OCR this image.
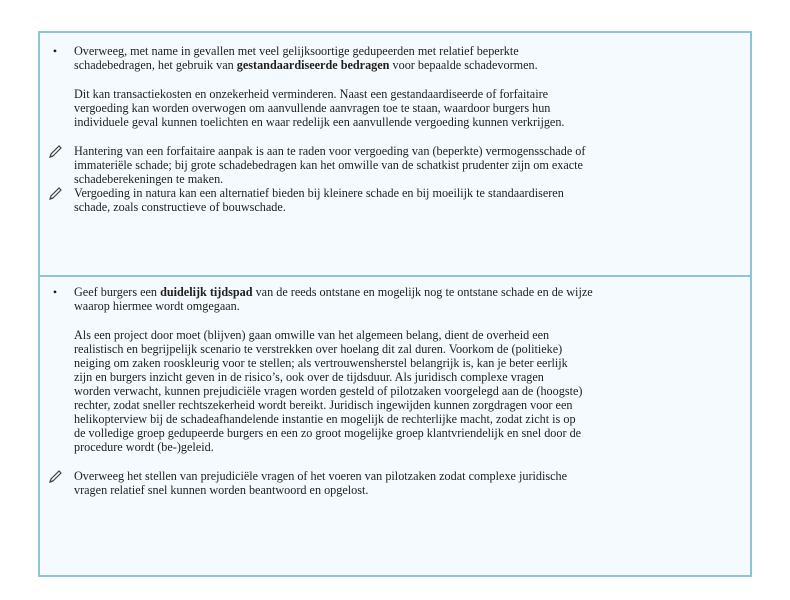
• Overweeg, met name in gevallen met veel gelijksoortige gedupeerden met relatief beperkte
schadebedragen, het gebruik van gestandaardiseerde bedragen voor bepaalde schadevormen.
Dit kan transactiekosten en onzekerheid verminderen. Naast een gestandaardiseerde of forfaitaire
vergoeding kan worden overwogen om aanvullende aanvragen toe te staan, waardoor burgers hun
individuele geval kunnen toelichten en waar redelijk een aanvullende vergoeding kunnen verkrijgen.
Hantering van een forfaitaire aanpak is aan te raden voor vergoeding van (beperkte) vermogensschade of
immateriële schade; bij grote schadebedragen kan het omwille van de schatkist prudenter zijn om exacte
schadeberekeningen te maken.
Vergoeding in natura kan een alternatief bieden bij kleinere schade en bij moeilijk te standaardiseren
schade, zoals constructieve of bouwschade.
• Geef burgers een duidelijk tijdspad van de reeds ontstane en mogelijk nog te ontstane schade en de wijze
waarop hiermee wordt omgegaan.
Als een project door moet (blijven) gaan omwille van het algemeen belang, dient de overheid een
realistisch en begrijpelijk scenario te verstrekken over hoelang dit zal duren. Voorkom de (politieke)
neiging om zaken rooskleurig voor te stellen; als vertrouwensherstel belangrijk is, kan je beter eerlijk
zijn en burgers inzicht geven in de risico’s, ook over de tijdsduur. Als juridisch complexe vragen
worden verwacht, kunnen prejudiciële vragen worden gesteld of pilotzaken voorgelegd aan de (hoogste)
rechter, zodat sneller rechtszekerheid wordt bereikt. Juridisch ingewijden kunnen zorgdragen voor een
helikopterview bij de schadeafhandelende instantie en mogelijk de rechterlijke macht, zodat zicht is op
de volledige groep gedupeerde burgers en een zo groot mogelijke groep klantvriendelijk en snel door de
procedure wordt (be-)geleid.
Overweeg het stellen van prejudiciële vragen of het voeren van pilotzaken zodat complexe juridische
vragen relatief snel kunnen worden beantwoord en opgelost.
